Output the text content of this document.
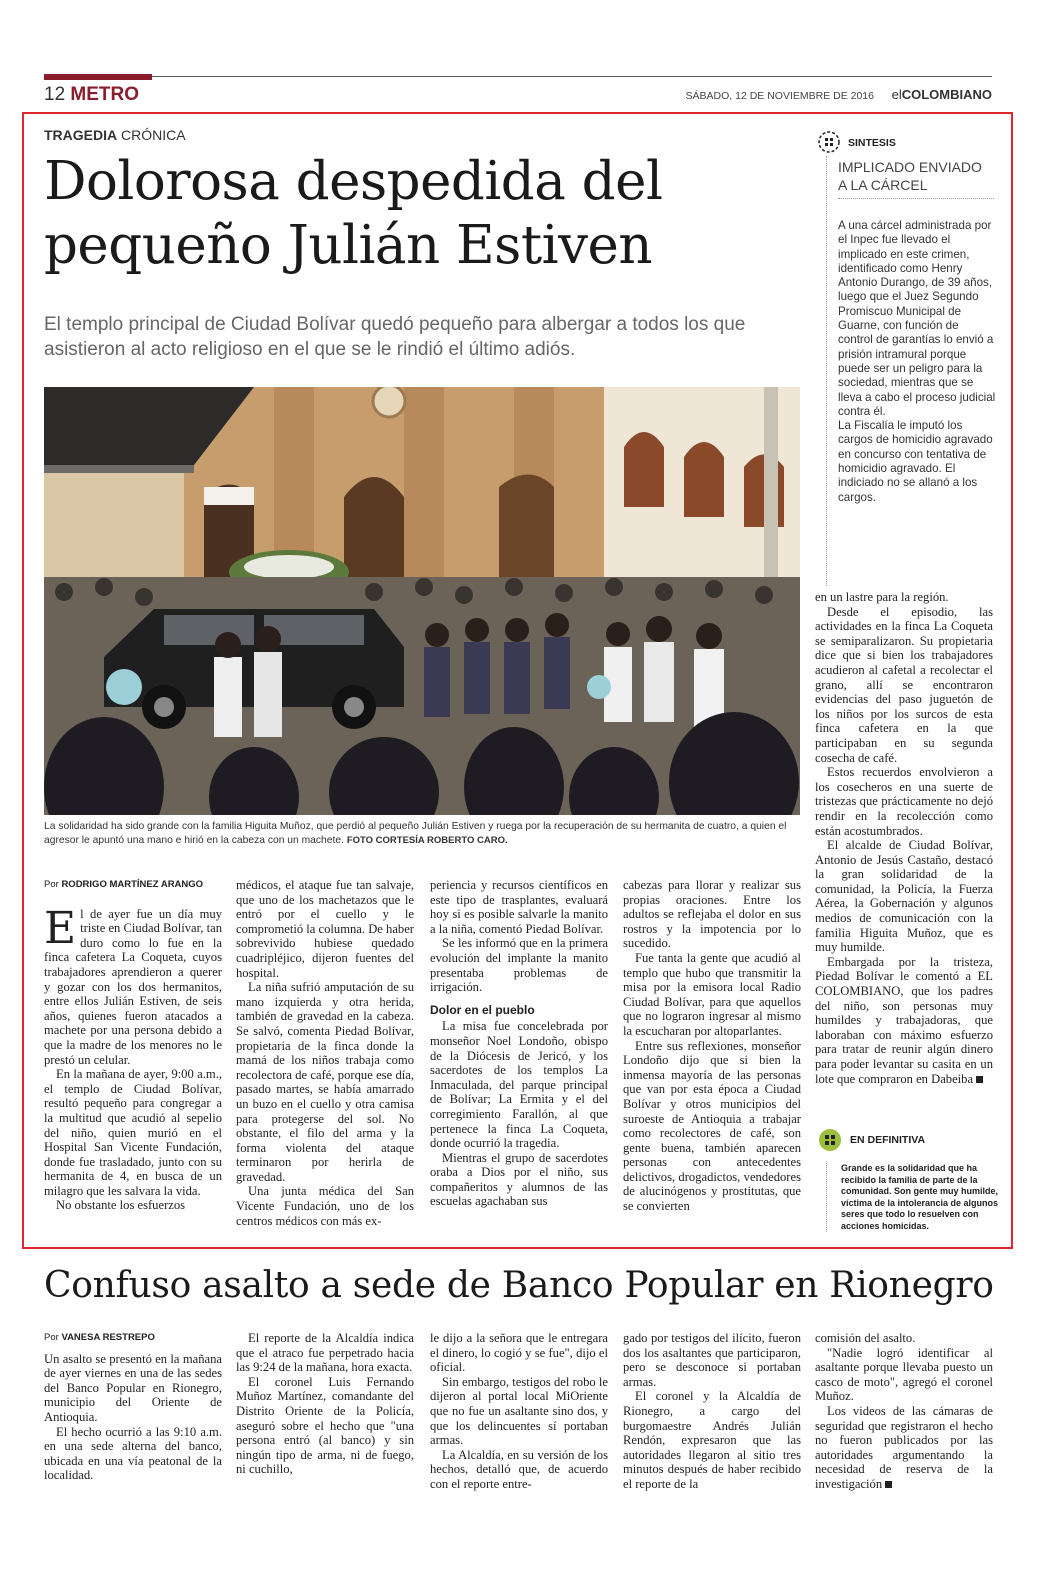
12 METRO	SÁBADO, 12 DE NOVIEMBRE DE 2016 elCOLOMBIANO
TRAGEDIA CRÓNICA
Dolorosa despedida del pequeño Julián Estiven
El templo principal de Ciudad Bolívar quedó pequeño para albergar a todos los que asistieron al acto religioso en el que se le rindió el último adiós.
La solidaridad ha sido grande con la familia Higuita Muñoz, que perdió al pequeño Julián Estiven y ruega por la recuperación de su hermanita de cuatro, a quien el agresor le apuntó una mano e hirió en la cabeza con un machete. FOTO CORTESÍA ROBERTO CARO.
SINTESIS
IMPLICADO ENVIADO A LA CÁRCEL

A una cárcel administrada por el Inpec fue llevado el implicado en este crimen, identificado como Henry Antonio Durango, de 39 años, luego que el Juez Segundo Promiscuo Municipal de Guarne, con función de control de garantías lo envió a prisión intramural porque puede ser un peligro para la sociedad, mientras que se lleva a cabo el proceso judicial contra él.

La Fiscalía le imputó los cargos de homicidio agravado en concurso con tentativa de homicidio agravado. El indiciado no se allanó a los cargos.

Por RODRIGO MARTÍNEZ ARANGO

El de ayer fue un día muy triste en Ciudad Bolívar, tan duro como lo fue en la finca cafetera La Coqueta, cuyos trabajadores aprendieron a querer y gozar con los dos hermanitos, entre ellos Julián Estiven, de seis años, quienes fueron atacados a machete por una persona debido a que la madre de los menores no le prestó un celular.

En la mañana de ayer, 9:00 a.m., el templo de Ciudad Bolívar, resultó pequeño para congregar a la multitud que acudió al sepelio del niño, quien murió en el Hospital San Vicente Fundación, donde fue trasladado, junto con su hermanita de 4, en busca de un milagro que les salvara la vida.

No obstante los esfuerzos

médicos, el ataque fue tan salvaje, que uno de los machetazos que le entró por el cuello y le comprometió la columna. De haber sobrevivido hubiese quedado cuadripléjico, dijeron fuentes del hospital.

La niña sufrió amputación de su mano izquierda y otra herida, también de gravedad en la cabeza. Se salvó, comenta Piedad Bolívar, propietaria de la finca donde la mamá de los niños trabaja como recolectora de café, porque ese día, pasado martes, se había amarrado un buzo en el cuello y otra camisa para protegerse del sol. No obstante, el filo del arma y la forma violenta del ataque terminaron por herirla de gravedad.

Una junta médica del San Vicente Fundación, uno de los centros médicos con más ex-

periencia y recursos científicos en este tipo de trasplantes, evaluará hoy si es posible salvarle la manito a la niña, comentó Piedad Bolívar.

Se les informó que en la primera evolución del implante la manito presentaba problemas de irrigación.

Dolor en el pueblo

La misa fue concelebrada por monseñor Noel Londoño, obispo de la Diócesis de Jericó, y los sacerdotes de los templos La Inmaculada, del parque principal de Bolívar; La Ermita y el del corregimiento Farallón, al que pertenece la finca La Coqueta, donde ocurrió la tragedia.

Mientras el grupo de sacerdotes oraba a Dios por el niño, sus compañeritos y alumnos de las escuelas agachaban sus

cabezas para llorar y realizar sus propias oraciones. Entre los adultos se reflejaba el dolor en sus rostros y la impotencia por lo sucedido.

Fue tanta la gente que acudió al templo que hubo que transmitir la misa por la emisora local Radio Ciudad Bolívar, para que aquellos que no lograron ingresar al mismo la escucharan por altoparlantes.

Entre sus reflexiones, monseñor Londoño dijo que si bien la inmensa mayoría de las personas que van por esta época a Ciudad Bolívar y otros municipios del suroeste de Antioquia a trabajar como recolectores de café, son gente buena, también aparecen personas con antecedentes delictivos, drogadictos, vendedores de alucinógenos y prostitutas, que se convierten

en un lastre para la región.

Desde el episodio, las actividades en la finca La Coqueta se semiparalizaron. Su propietaria dice que si bien los trabajadores acudieron al cafetal a recolectar el grano, allí se encontraron evidencias del paso juguetón de los niños por los surcos de esta finca cafetera en la que participaban en su segunda cosecha de café.

Estos recuerdos envolvieron a los cosecheros en una suerte de tristezas que prácticamente no dejó rendir en la recolección como están acostumbrados.

El alcalde de Ciudad Bolívar, Antonio de Jesús Castaño, destacó la gran solidaridad de la comunidad, la Policía, la Fuerza Aérea, la Gobernación y algunos medios de comunicación con la familia Higuita Muñoz, que es muy humilde.

Embargada por la tristeza, Piedad Bolívar le comentó a EL COLOMBIANO, que los padres del niño, son personas muy humildes y trabajadoras, que laboraban con máximo esfuerzo para tratar de reunir algún dinero para poder levantar su casita en un lote que compraron en Dabeiba

EN DEFINITIVA
Grande es la solidaridad que ha recibido la familia de parte de la comunidad. Son gente muy humilde, víctima de la intolerancia de algunos seres que todo lo resuelven con acciones homicidas.
Confuso asalto a sede de Banco Popular en Rionegro
Por VANESA RESTREPO

Un asalto se presentó en la mañana de ayer viernes en una de las sedes del Banco Popular en Rionegro, municipio del Oriente de Antioquia.

El hecho ocurrió a las 9:10 a.m. en una sede alterna del banco, ubicada en una vía peatonal de la localidad.

El reporte de la Alcaldía indica que el atraco fue perpetrado hacia las 9:24 de la mañana, hora exacta.

El coronel Luis Fernando Muñoz Martínez, comandante del Distrito Oriente de la Policía, aseguró sobre el hecho que "una persona entró (al banco) y sin ningún tipo de arma, ni de fuego, ni cuchillo,

le dijo a la señora que le entregara el dinero, lo cogió y se fue", dijo el oficial.

Sin embargo, testigos del robo le dijeron al portal local MiOriente que no fue un asaltante sino dos, y que los delincuentes sí portaban armas.

La Alcaldía, en su versión de los hechos, detalló que, de acuerdo con el reporte entre-

gado por testigos del ilícito, fueron dos los asaltantes que participaron, pero se desconoce si portaban armas.

El coronel y la Alcaldía de Rionegro, a cargo del burgomaestre Andrés Julián Rendón, expresaron que las autoridades llegaron al sitio tres minutos después de haber recibido el reporte de la

comisión del asalto.

"Nadie logró identificar al asaltante porque llevaba puesto un casco de moto", agregó el coronel Muñoz.

Los videos de las cámaras de seguridad que registraron el hecho no fueron publicados por las autoridades argumentando la necesidad de reserva de la investigación
